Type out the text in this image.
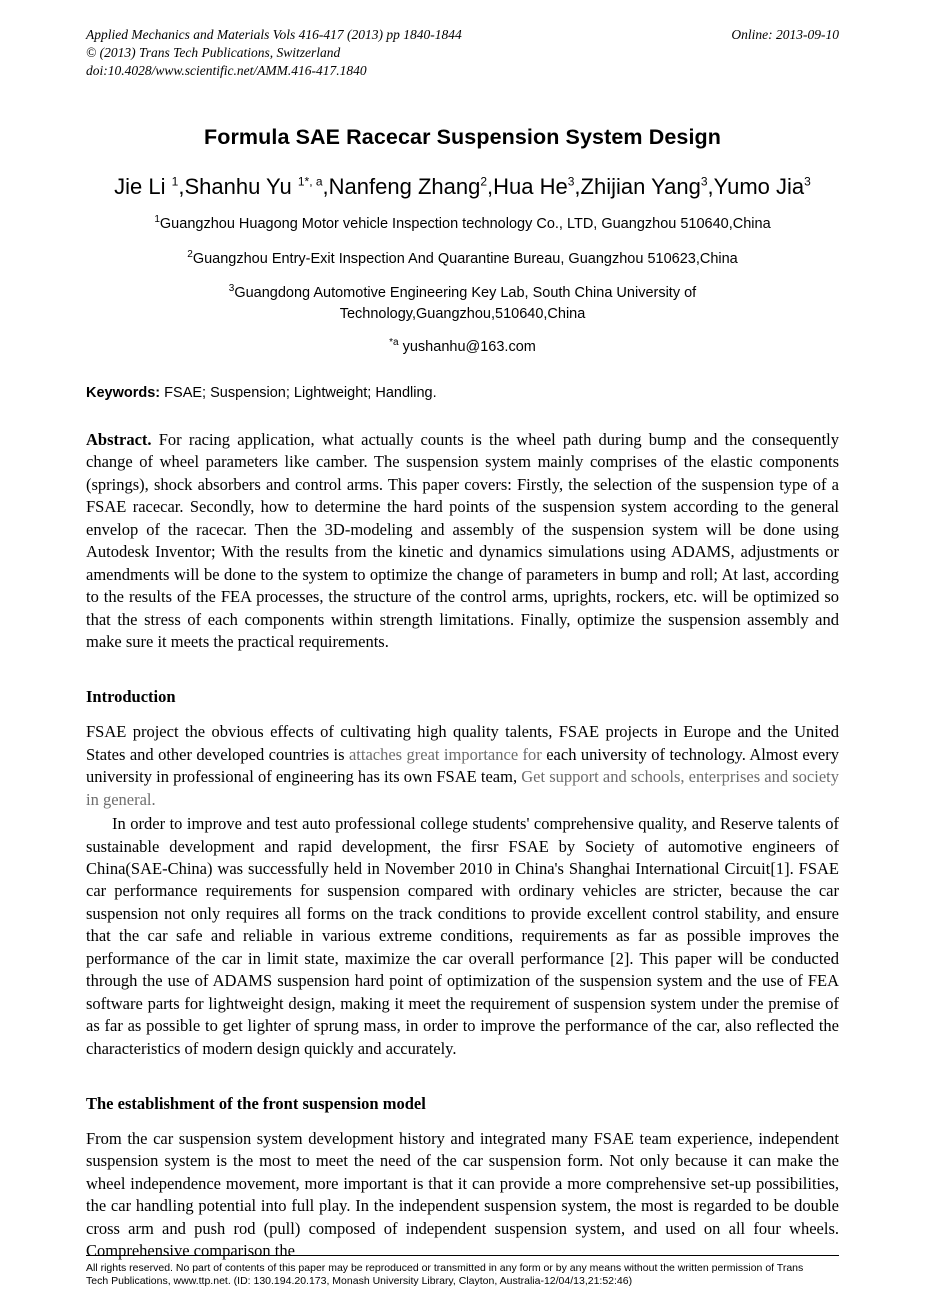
Applied Mechanics and Materials Vols 416-417 (2013) pp 1840-1844
© (2013) Trans Tech Publications, Switzerland
doi:10.4028/www.scientific.net/AMM.416-417.1840
Online: 2013-09-10
Formula SAE Racecar Suspension System Design
Jie Li $^1$,Shanhu Yu $^{1*, a}$,Nanfeng Zhang$^2$,Hua He$^3$,Zhijian Yang$^3$,Yumo Jia$^3$
$^1$Guangzhou Huagong Motor vehicle Inspection technology Co., LTD, Guangzhou 510640,China
$^2$Guangzhou Entry-Exit Inspection And Quarantine Bureau, Guangzhou 510623,China
$^3$Guangdong Automotive Engineering Key Lab, South China University of Technology,Guangzhou,510640,China
$^{*a}$ yushanhu@163.com
Keywords: FSAE; Suspension; Lightweight; Handling.
Abstract. For racing application, what actually counts is the wheel path during bump and the consequently change of wheel parameters like camber. The suspension system mainly comprises of the elastic components (springs), shock absorbers and control arms. This paper covers: Firstly, the selection of the suspension type of a FSAE racecar. Secondly, how to determine the hard points of the suspension system according to the general envelop of the racecar. Then the 3D-modeling and assembly of the suspension system will be done using Autodesk Inventor; With the results from the kinetic and dynamics simulations using ADAMS, adjustments or amendments will be done to the system to optimize the change of parameters in bump and roll; At last, according to the results of the FEA processes, the structure of the control arms, uprights, rockers, etc. will be optimized so that the stress of each components within strength limitations. Finally, optimize the suspension assembly and make sure it meets the practical requirements.
Introduction

FSAE project the obvious effects of cultivating high quality talents, FSAE projects in Europe and the United States and other developed countries is attaches great importance for each university of technology. Almost every university in professional of engineering has its own FSAE team, Get support and schools, enterprises and society in general.

In order to improve and test auto professional college students' comprehensive quality, and Reserve talents of sustainable development and rapid development, the firsr FSAE by Society of automotive engineers of China(SAE-China) was successfully held in November 2010 in China's Shanghai International Circuit[1]. FSAE car performance requirements for suspension compared with ordinary vehicles are stricter, because the car suspension not only requires all forms on the track conditions to provide excellent control stability, and ensure that the car safe and reliable in various extreme conditions, requirements as far as possible improves the performance of the car in limit state, maximize the car overall performance [2]. This paper will be conducted through the use of ADAMS suspension hard point of optimization of the suspension system and the use of FEA software parts for lightweight design, making it meet the requirement of suspension system under the premise of as far as possible to get lighter of sprung mass, in order to improve the performance of the car, also reflected the characteristics of modern design quickly and accurately.

The establishment of the front suspension model

From the car suspension system development history and integrated many FSAE team experience, independent suspension system is the most to meet the need of the car suspension form. Not only because it can make the wheel independence movement, more important is that it can provide a more comprehensive set-up possibilities, the car handling potential into full play. In the independent suspension system, the most is regarded to be double cross arm and push rod (pull) composed of independent suspension system, and used on all four wheels. Comprehensive comparison the

All rights reserved. No part of contents of this paper may be reproduced or transmitted in any form or by any means without the written permission of Trans
Tech Publications, www.ttp.net. (ID: 130.194.20.173, Monash University Library, Clayton, Australia-12/04/13,21:52:46)
